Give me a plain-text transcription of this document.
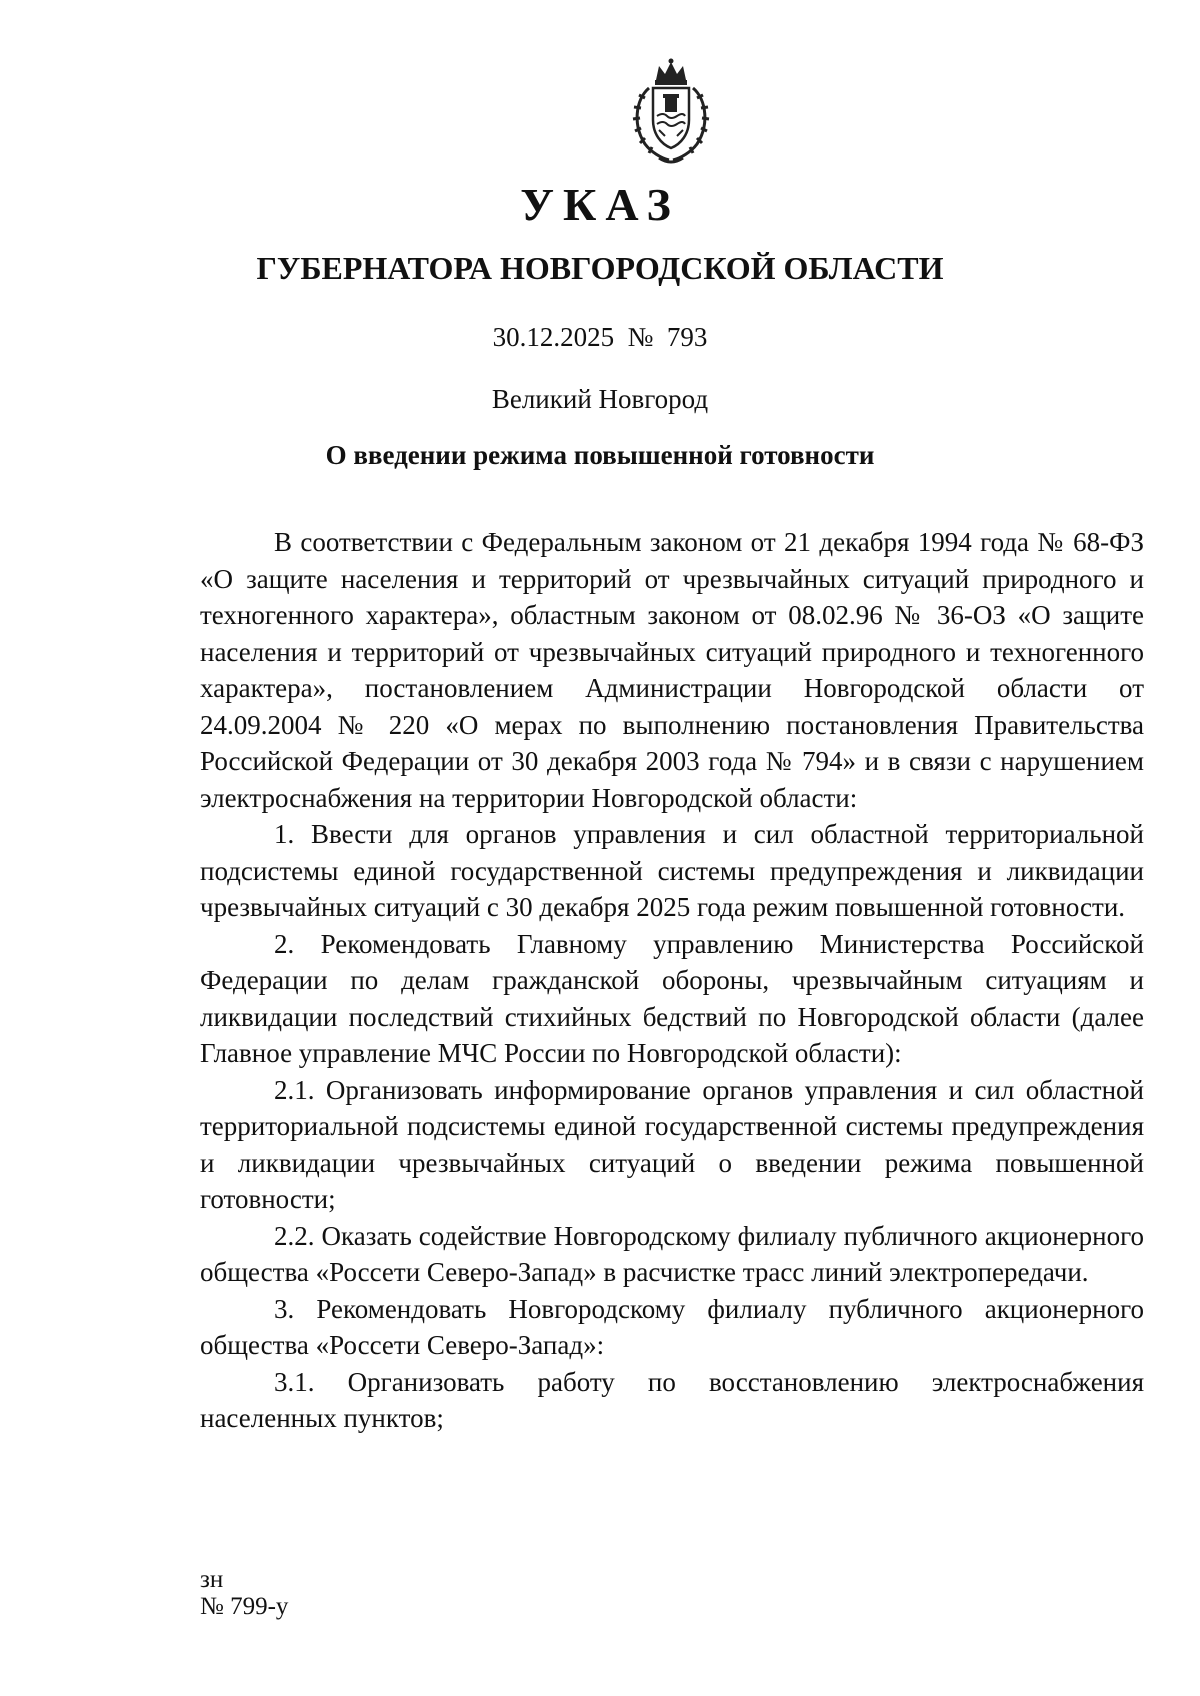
УКАЗ
ГУБЕРНАТОРА НОВГОРОДСКОЙ ОБЛАСТИ
30.12.2025  №  793
Великий Новгород
О введении режима повышенной готовности

В соответствии с Федеральным законом от 21 декабря 1994 года № 68-ФЗ «О защите населения и территорий от чрезвычайных ситуаций природного и техногенного характера», областным законом от 08.02.96 № 36-ОЗ «О защите населения и территорий от чрезвычайных ситуаций природного и техногенного характера», постановлением Администрации Новгородской области от 24.09.2004 № 220 «О мерах по выполнению постановления Правительства Российской Федерации от 30 декабря 2003 года № 794» и в связи с нарушением электроснабжения на территории Новгородской области:

1. Ввести для органов управления и сил областной территориальной подсистемы единой государственной системы предупреждения и ликвидации чрезвычайных ситуаций с 30 декабря 2025 года режим повышенной готовности.

2. Рекомендовать Главному управлению Министерства Российской Федерации по делам гражданской обороны, чрезвычайным ситуациям и ликвидации последствий стихийных бедствий по Новгородской области (далее Главное управление МЧС России по Новгородской области):

2.1. Организовать информирование органов управления и сил областной территориальной подсистемы единой государственной системы предупреждения и ликвидации чрезвычайных ситуаций о введении режима повышенной готовности;

2.2. Оказать содействие Новгородскому филиалу публичного акционерного общества «Россети Северо-Запад» в расчистке трасс линий электропередачи.

3. Рекомендовать Новгородскому филиалу публичного акционерного общества «Россети Северо-Запад»:

3.1. Организовать работу по восстановлению электроснабжения населенных пунктов;

зн
№ 799-у
